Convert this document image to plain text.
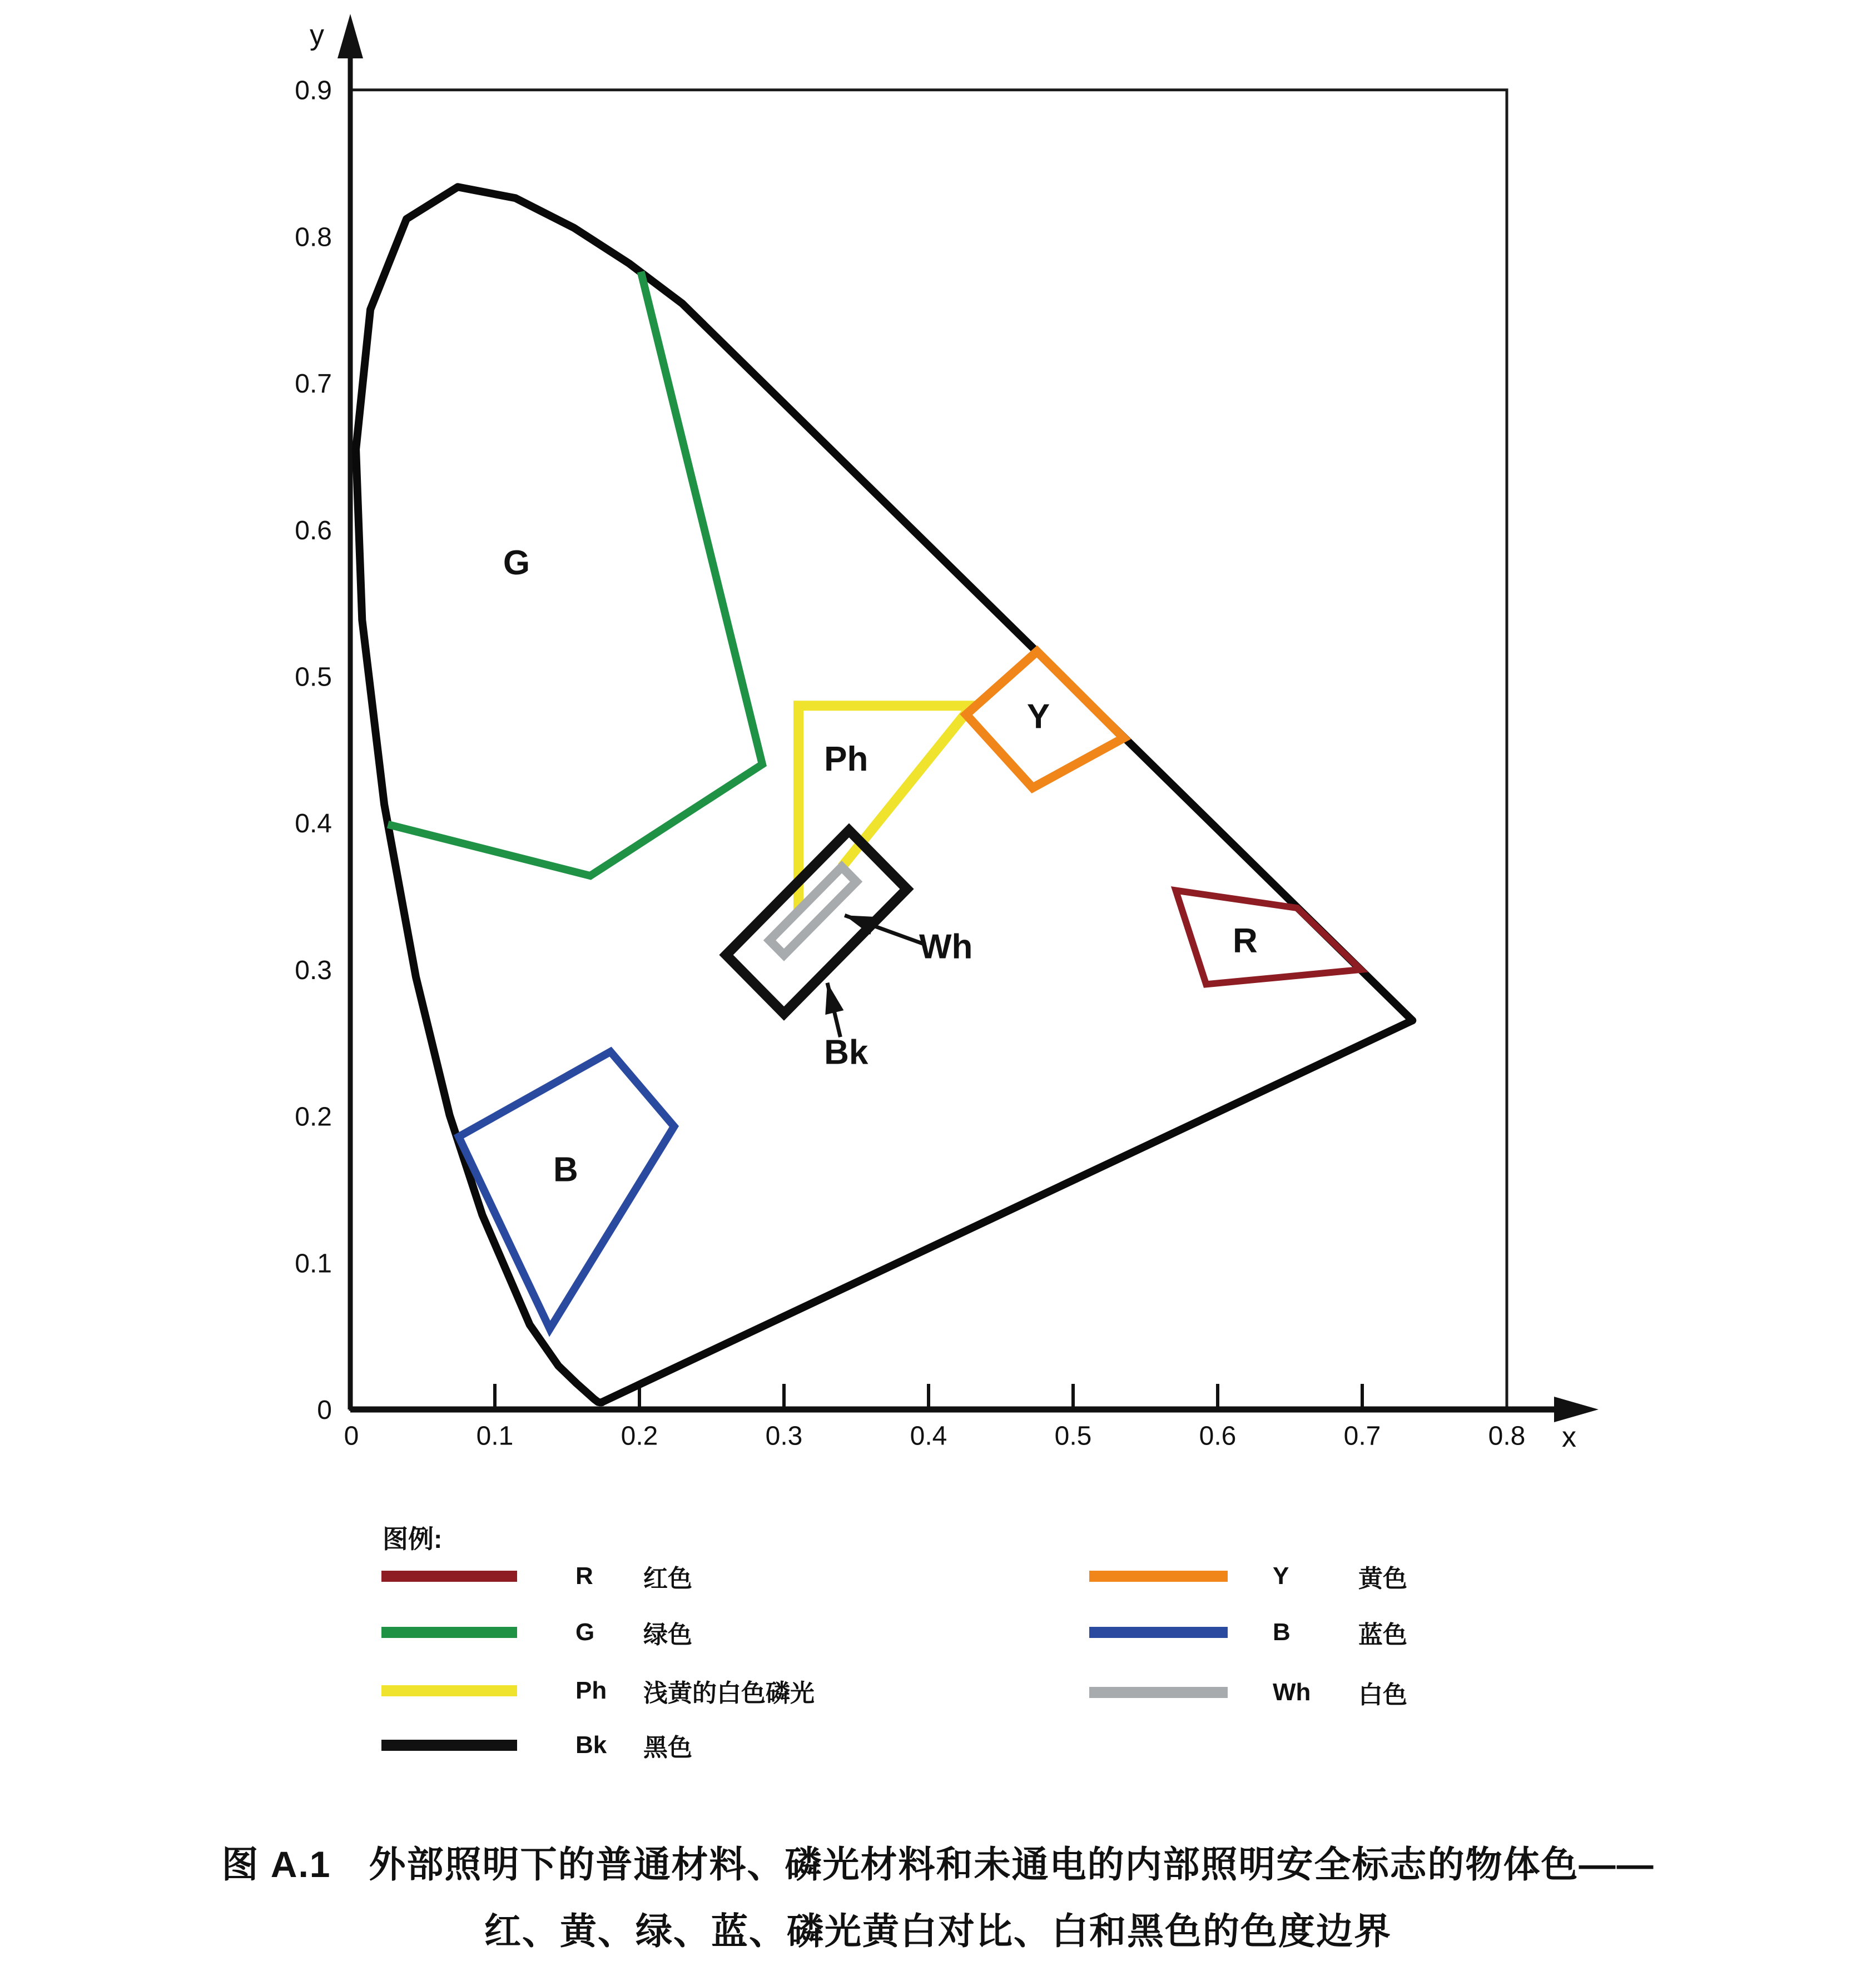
0	0.1	0.2	0.3	0.4	0.5	0.6	0.7	0.8
y
x
0
0.1
0.2
0.3
0.4
0.5
0.6
0.7
0.8
0.9
G
Ph
Y
R
B
Wh
Bk
图例:
R 红色
G 绿色
Ph 浅黄的白色磷光
Bk 黑色
Y	黄色
B	蓝色
Wh 白色
图 A.1　外部照明下的普通材料、磷光材料和未通电的内部照明安全标志的物体色——
红、黄、绿、蓝、磷光黄白对比、白和黑色的色度边界
